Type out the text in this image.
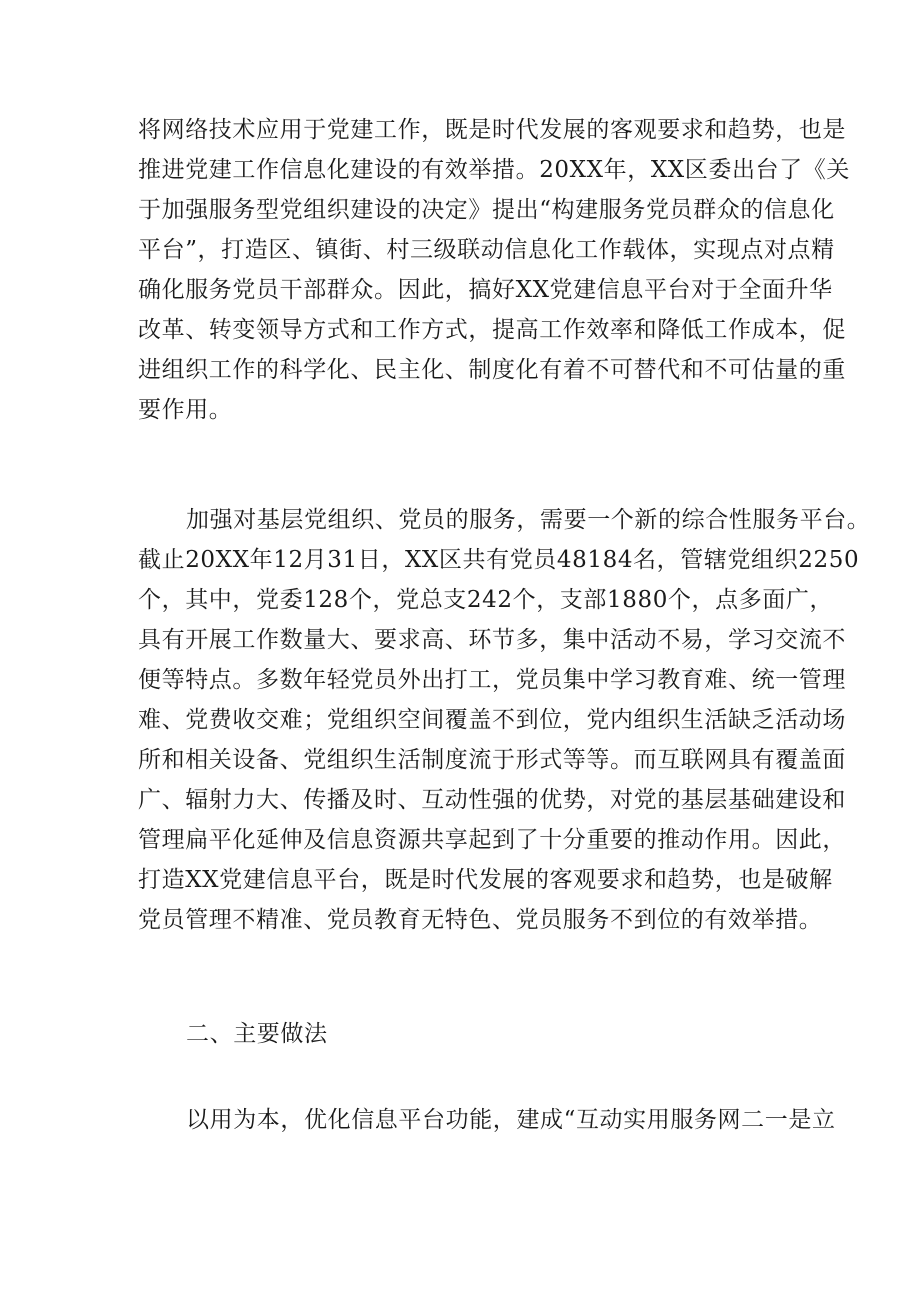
将网络技术应用于党建工作，既是时代发展的客观要求和趋势，也是
推进党建工作信息化建设的有效举措。20XX年，XX区委出台了《关
于加强服务型党组织建设的决定》提出“构建服务党员群众的信息化
平台”，打造区、镇街、村三级联动信息化工作载体，实现点对点精
确化服务党员干部群众。因此，搞好XX党建信息平台对于全面升华
改革、转变领导方式和工作方式，提高工作效率和降低工作成本，促
进组织工作的科学化、民主化、制度化有着不可替代和不可估量的重
要作用。
加强对基层党组织、党员的服务，需要一个新的综合性服务平台。
截止20XX年12月31日，XX区共有党员48184名，管辖党组织2250
个，其中，党委128个，党总支242个，支部1880个，点多面广，
具有开展工作数量大、要求高、环节多，集中活动不易，学习交流不
便等特点。多数年轻党员外出打工，党员集中学习教育难、统一管理
难、党费收交难；党组织空间覆盖不到位，党内组织生活缺乏活动场
所和相关设备、党组织生活制度流于形式等等。而互联网具有覆盖面
广、辐射力大、传播及时、互动性强的优势，对党的基层基础建设和
管理扁平化延伸及信息资源共享起到了十分重要的推动作用。因此，
打造XX党建信息平台，既是时代发展的客观要求和趋势，也是破解
党员管理不精准、党员教育无特色、党员服务不到位的有效举措。
二、主要做法
以用为本，优化信息平台功能，建成“互动实用服务网二一是立
